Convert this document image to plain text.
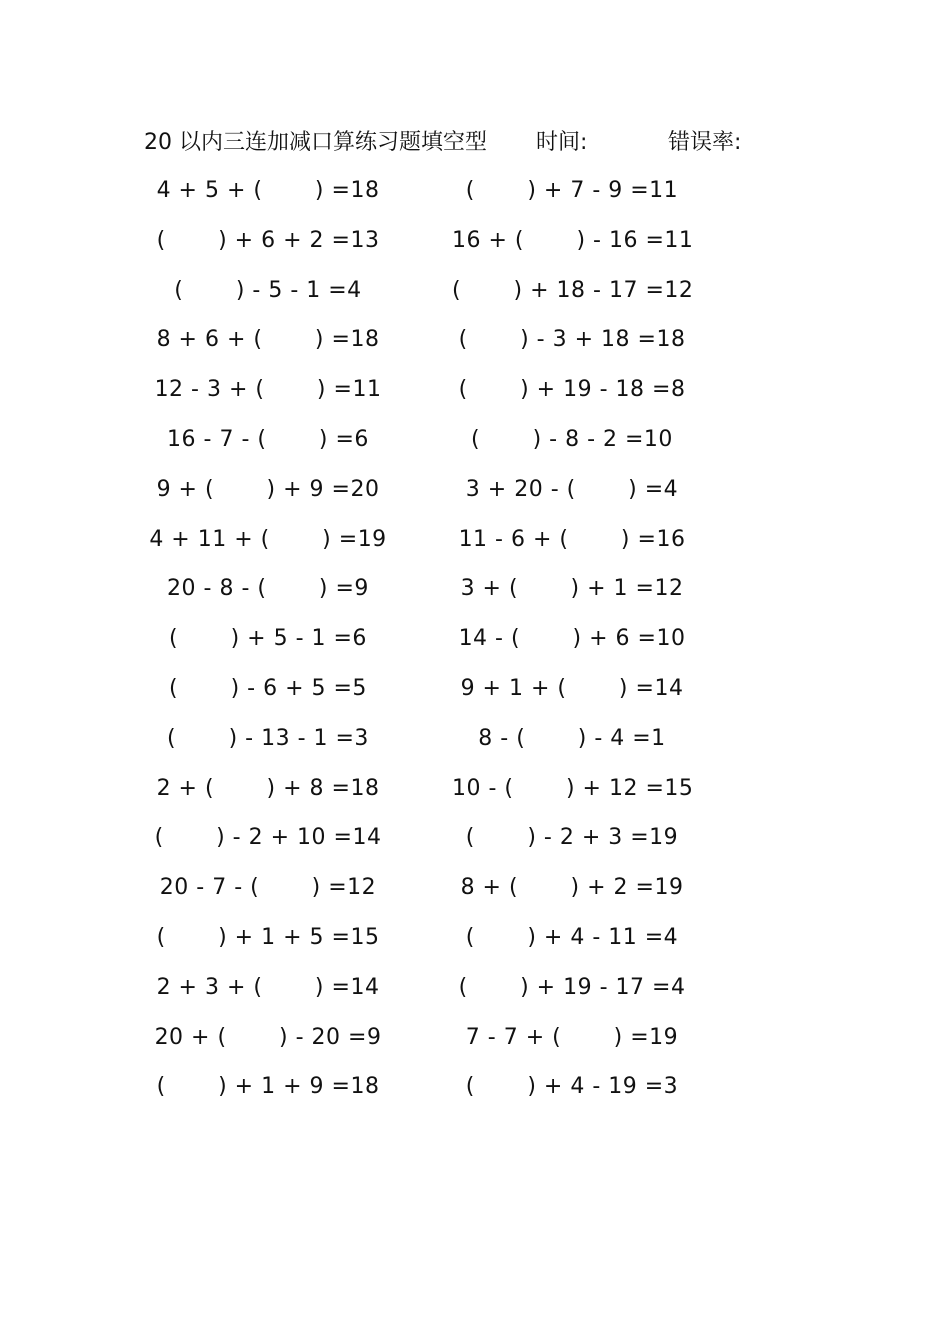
20 以内三连加减口算练习题填空型 时间:	错误率:
4 + 5 + (       ) =18
(       ) + 6 + 2 =13
(       ) - 5 - 1 =4
8 + 6 + (       ) =18
12 - 3 + (       ) =11
16 - 7 - (       ) =6
9 + (       ) + 9 =20
4 + 11 + (       ) =19
20 - 8 - (       ) =9
(       ) + 5 - 1 =6
(       ) - 6 + 5 =5
(       ) - 13 - 1 =3
2 + (       ) + 8 =18
(       ) - 2 + 10 =14
20 - 7 - (       ) =12
(       ) + 1 + 5 =15
2 + 3 + (       ) =14
20 + (       ) - 20 =9
(       ) + 1 + 9 =18
(       ) + 7 - 9 =11
16 + (       ) - 16 =11
(       ) + 18 - 17 =12
(       ) - 3 + 18 =18
(       ) + 19 - 18 =8
(       ) - 8 - 2 =10
3 + 20 - (       ) =4
11 - 6 + (       ) =16
3 + (       ) + 1 =12
14 - (       ) + 6 =10
9 + 1 + (       ) =14
8 - (       ) - 4 =1
10 - (       ) + 12 =15
(       ) - 2 + 3 =19
8 + (       ) + 2 =19
(       ) + 4 - 11 =4
(       ) + 19 - 17 =4
7 - 7 + (       ) =19
(       ) + 4 - 19 =3
